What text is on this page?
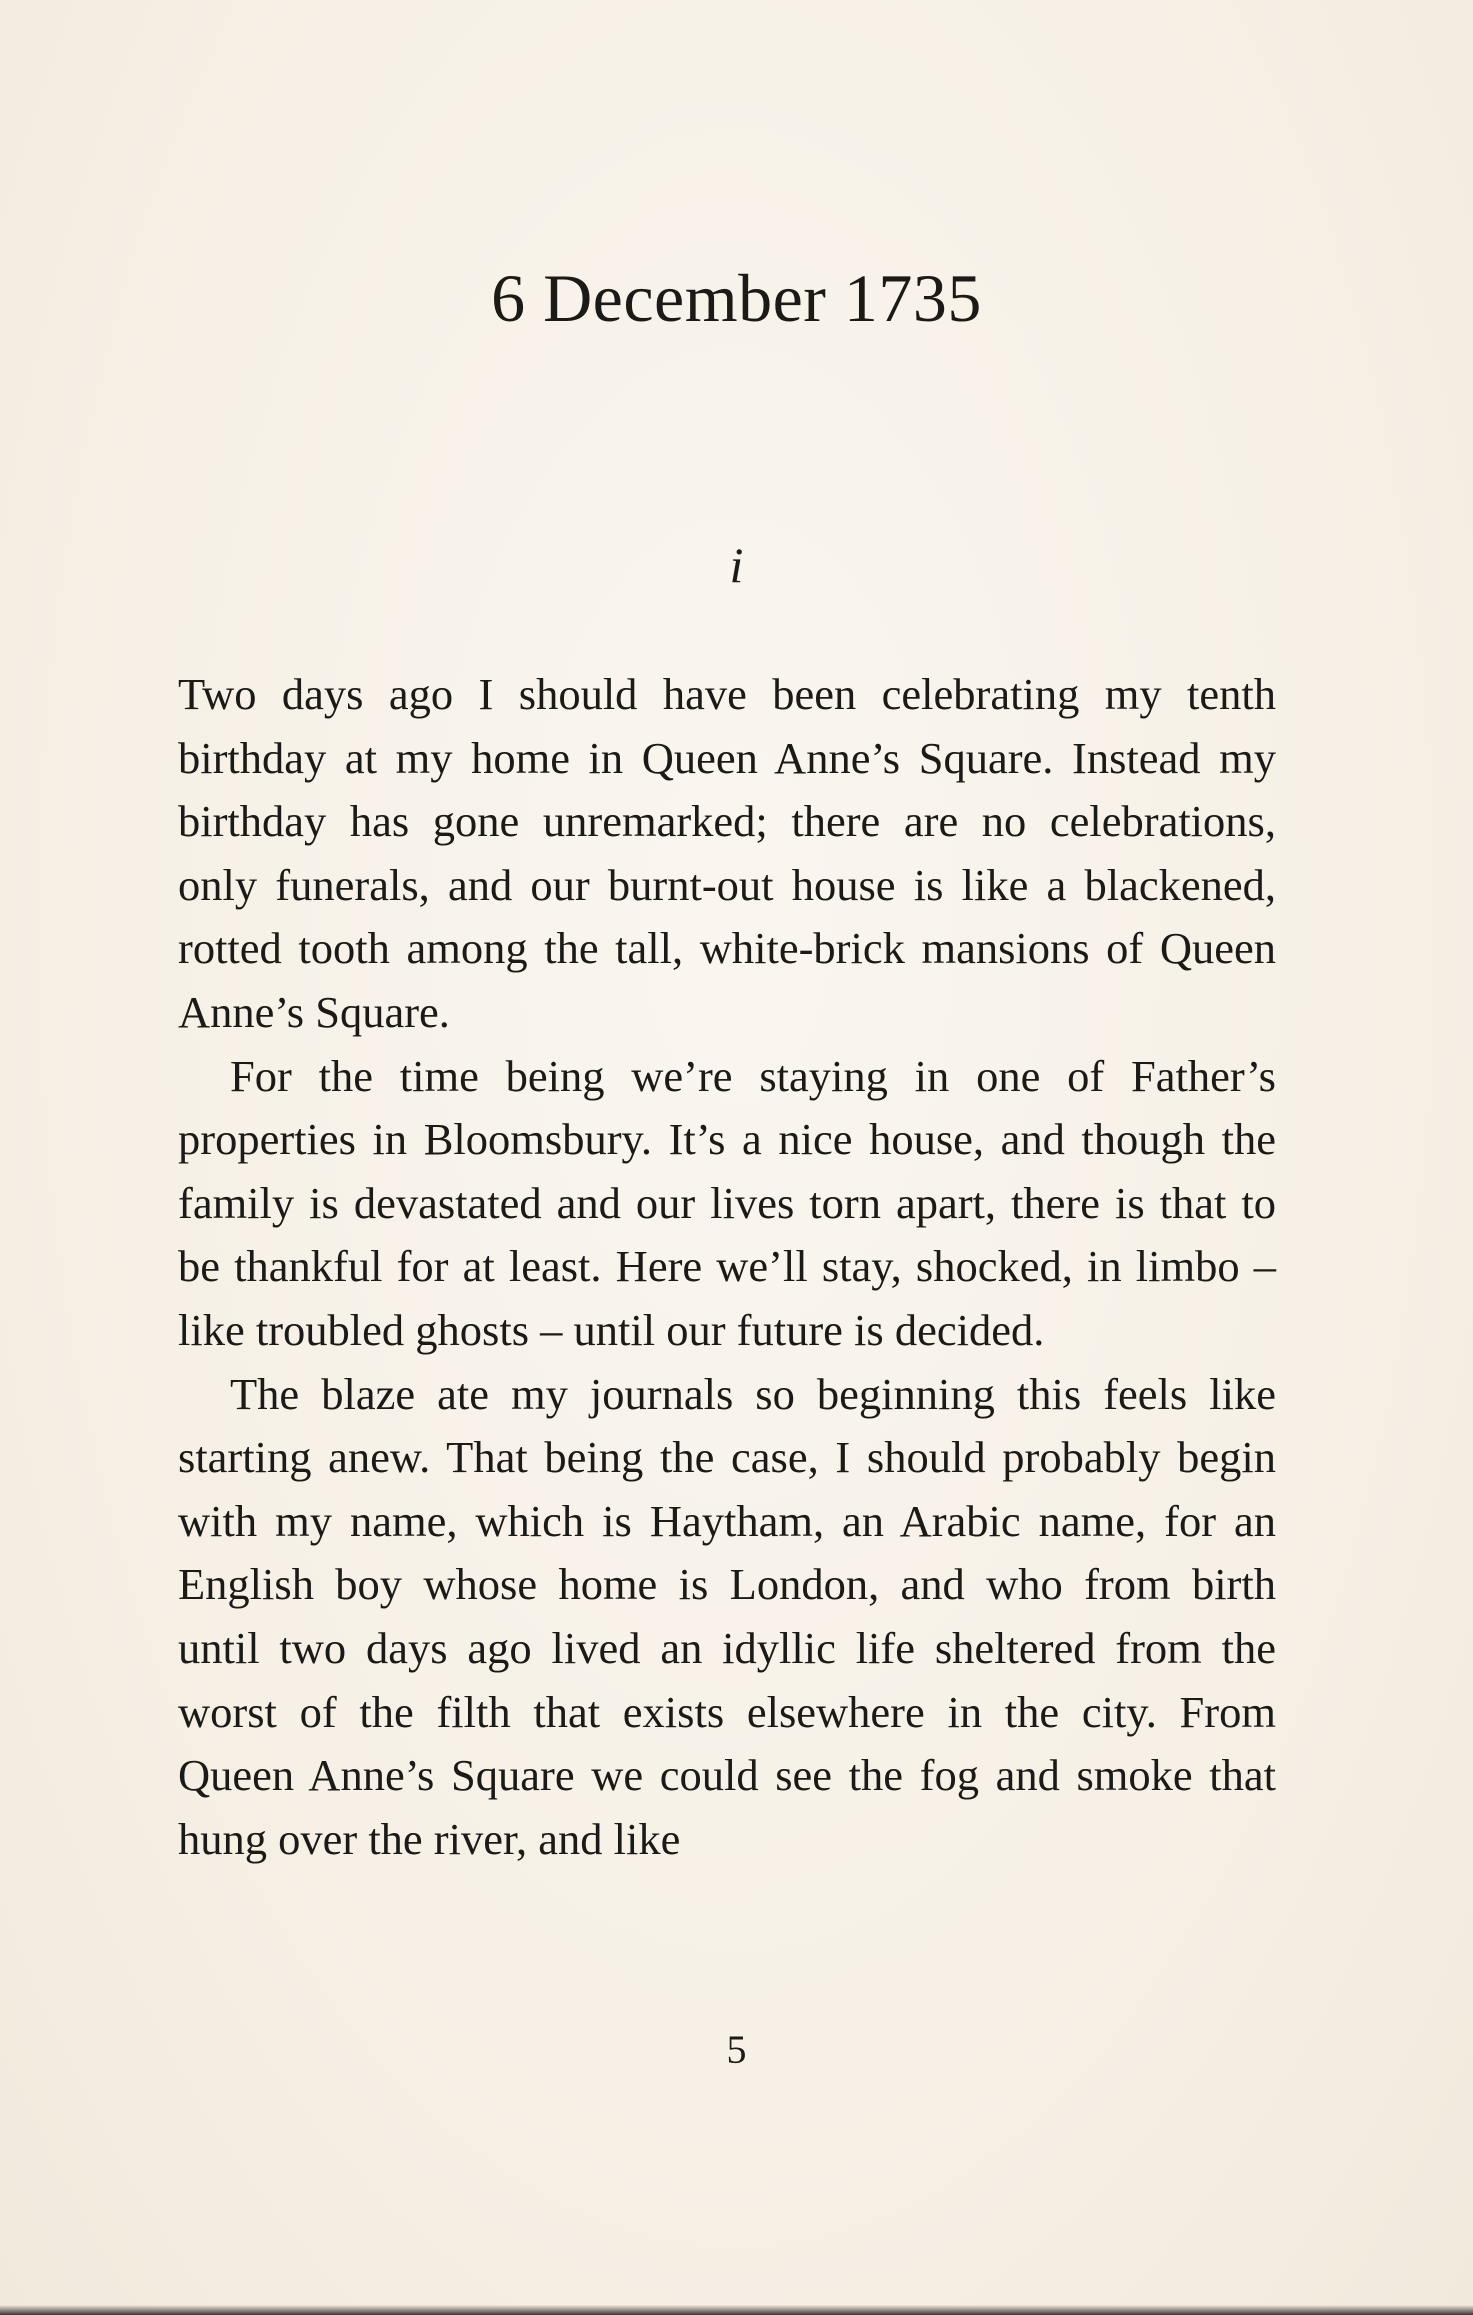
6 December 1735
i

Two days ago I should have been celebrating my tenth birthday at my home in Queen Anne’s Square. Instead my birthday has gone unremarked; there are no celebrations, only funerals, and our burnt-out house is like a blackened, rotted tooth among the tall, white-brick mansions of Queen Anne’s Square.

For the time being we’re staying in one of Father’s properties in Bloomsbury. It’s a nice house, and though the family is devastated and our lives torn apart, there is that to be thankful for at least. Here we’ll stay, shocked, in limbo – like troubled ghosts – until our future is decided.

The blaze ate my journals so beginning this feels like starting anew. That being the case, I should probably begin with my name, which is Haytham, an Arabic name, for an English boy whose home is London, and who from birth until two days ago lived an idyllic life sheltered from the worst of the filth that exists elsewhere in the city. From Queen Anne’s Square we could see the fog and smoke that hung over the river, and like

5
